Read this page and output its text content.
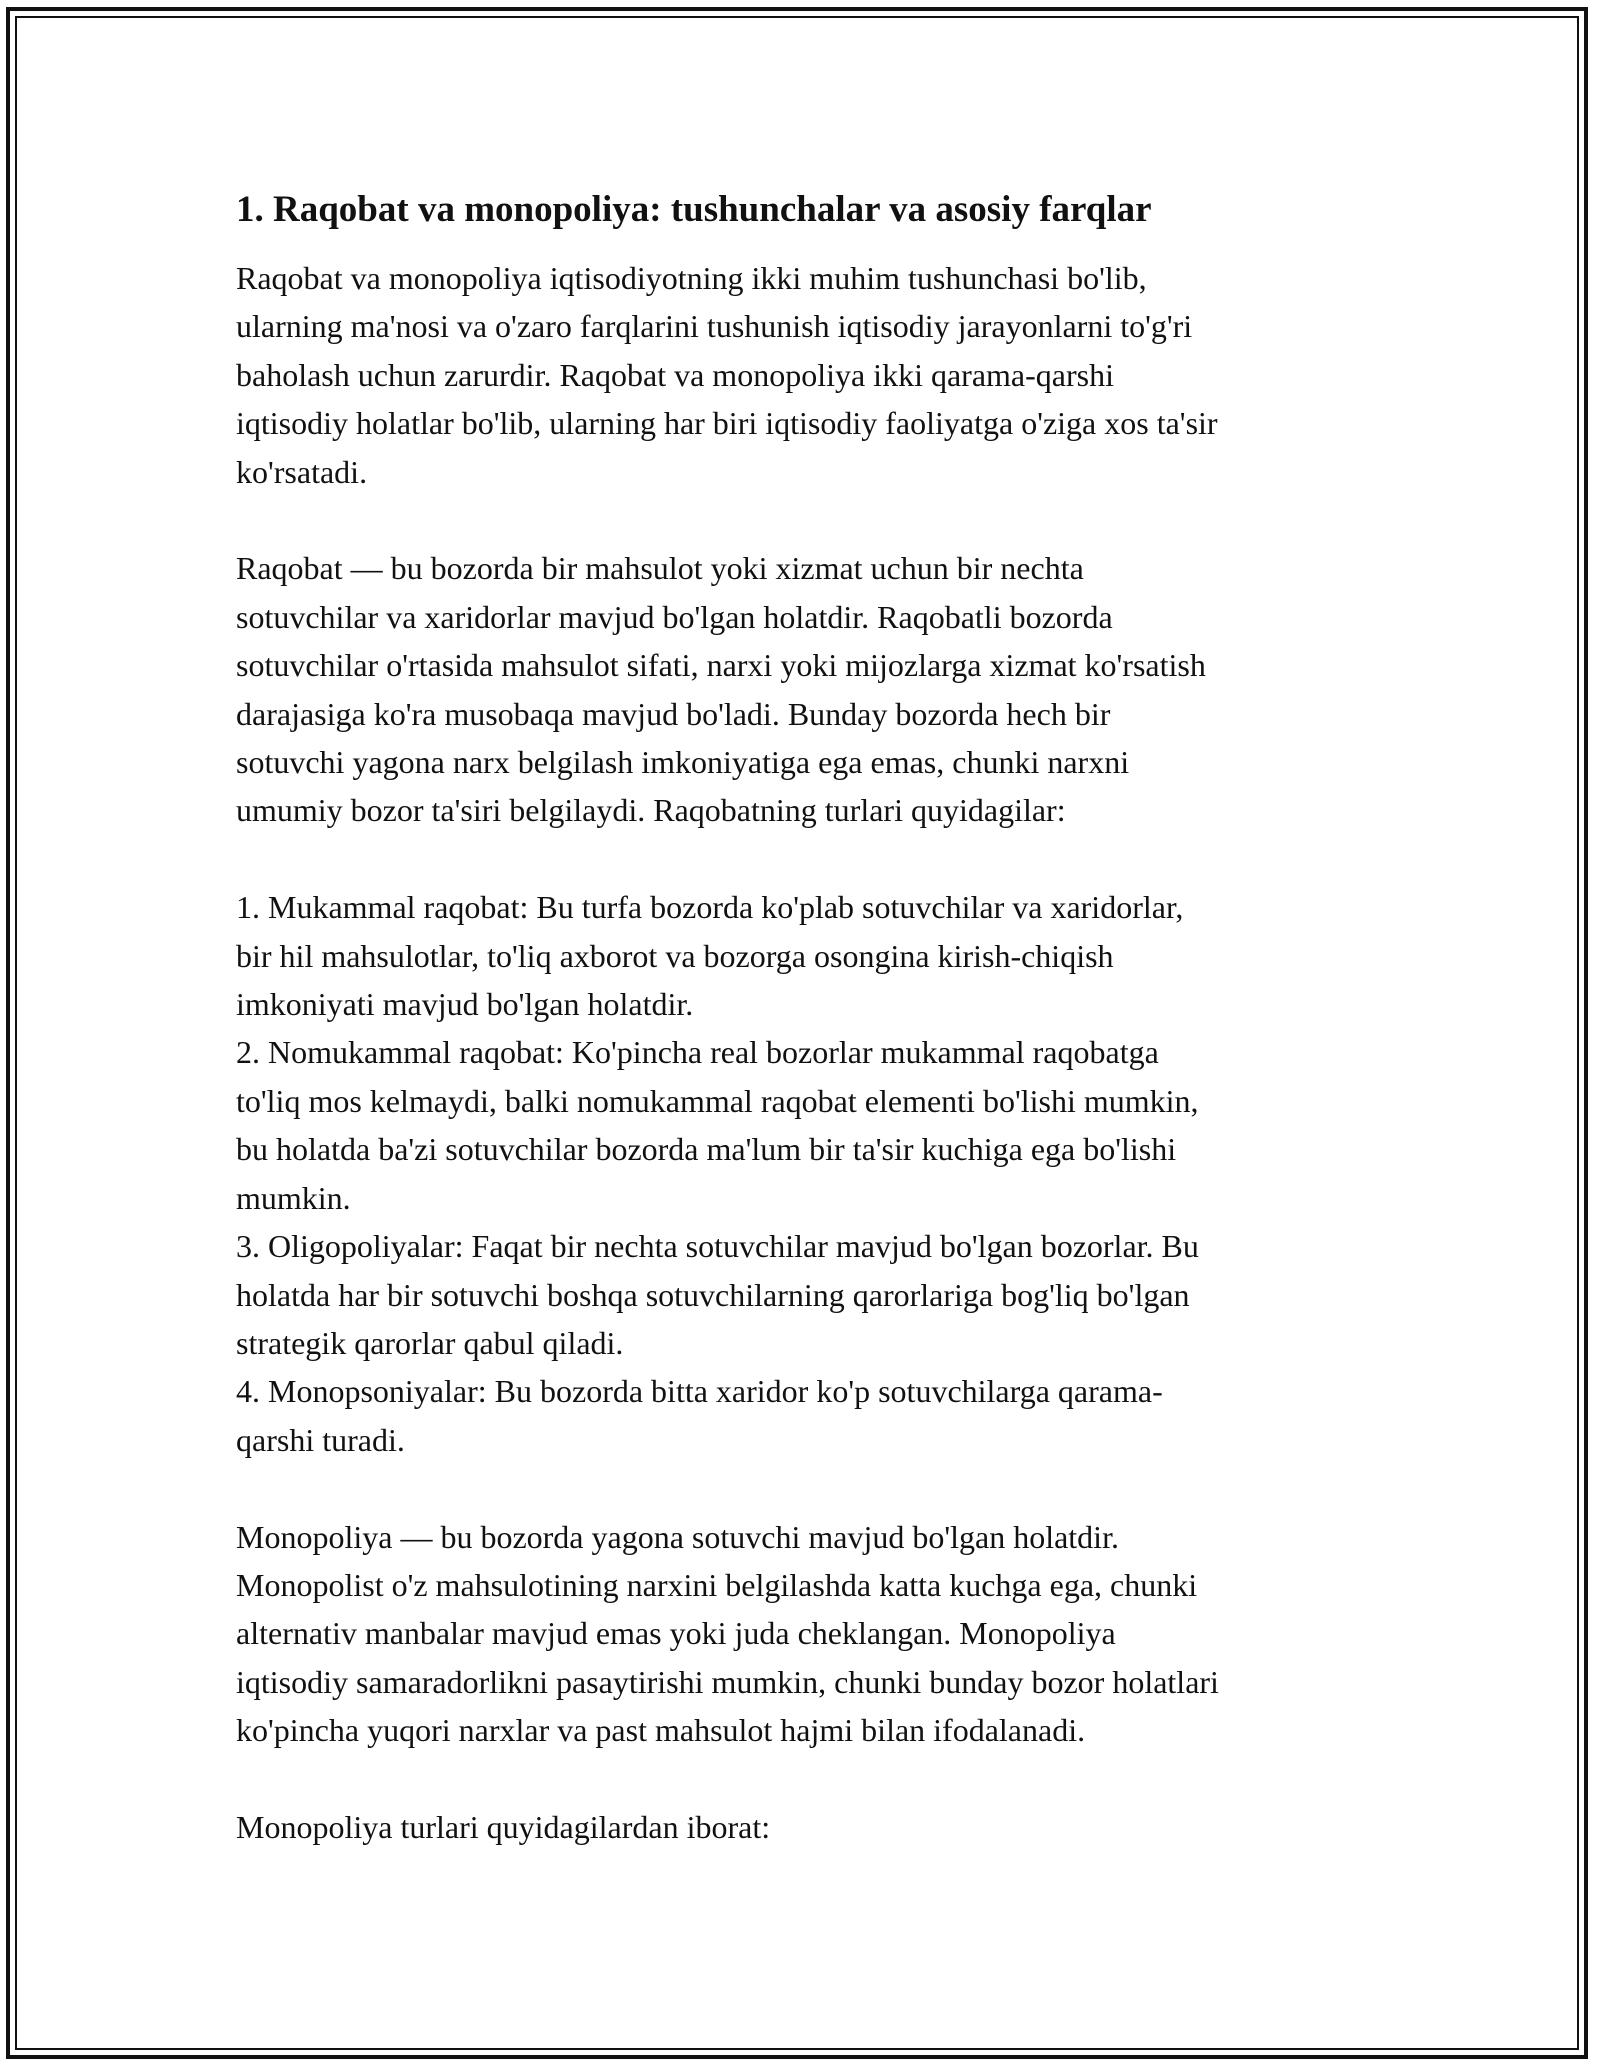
1. Raqobat va monopoliya: tushunchalar va asosiy farqlar

Raqobat va monopoliya iqtisodiyotning ikki muhim tushunchasi bo'lib,
ularning ma'nosi va o'zaro farqlarini tushunish iqtisodiy jarayonlarni to'g'ri
baholash uchun zarurdir. Raqobat va monopoliya ikki qarama-qarshi
iqtisodiy holatlar bo'lib, ularning har biri iqtisodiy faoliyatga o'ziga xos ta'sir
ko'rsatadi.

Raqobat — bu bozorda bir mahsulot yoki xizmat uchun bir nechta
sotuvchilar va xaridorlar mavjud bo'lgan holatdir. Raqobatli bozorda
sotuvchilar o'rtasida mahsulot sifati, narxi yoki mijozlarga xizmat ko'rsatish
darajasiga ko'ra musobaqa mavjud bo'ladi. Bunday bozorda hech bir
sotuvchi yagona narx belgilash imkoniyatiga ega emas, chunki narxni
umumiy bozor ta'siri belgilaydi. Raqobatning turlari quyidagilar:

1. Mukammal raqobat: Bu turfa bozorda ko'plab sotuvchilar va xaridorlar,
bir hil mahsulotlar, to'liq axborot va bozorga osongina kirish-chiqish
imkoniyati mavjud bo'lgan holatdir.
2. Nomukammal raqobat: Ko'pincha real bozorlar mukammal raqobatga
to'liq mos kelmaydi, balki nomukammal raqobat elementi bo'lishi mumkin,
bu holatda ba'zi sotuvchilar bozorda ma'lum bir ta'sir kuchiga ega bo'lishi
mumkin.
3. Oligopoliyalar: Faqat bir nechta sotuvchilar mavjud bo'lgan bozorlar. Bu
holatda har bir sotuvchi boshqa sotuvchilarning qarorlariga bog'liq bo'lgan
strategik qarorlar qabul qiladi.
4. Monopsoniyalar: Bu bozorda bitta xaridor ko'p sotuvchilarga qarama-
qarshi turadi.

Monopoliya — bu bozorda yagona sotuvchi mavjud bo'lgan holatdir.
Monopolist o'z mahsulotining narxini belgilashda katta kuchga ega, chunki
alternativ manbalar mavjud emas yoki juda cheklangan. Monopoliya
iqtisodiy samaradorlikni pasaytirishi mumkin, chunki bunday bozor holatlari
ko'pincha yuqori narxlar va past mahsulot hajmi bilan ifodalanadi.

Monopoliya turlari quyidagilardan iborat:
